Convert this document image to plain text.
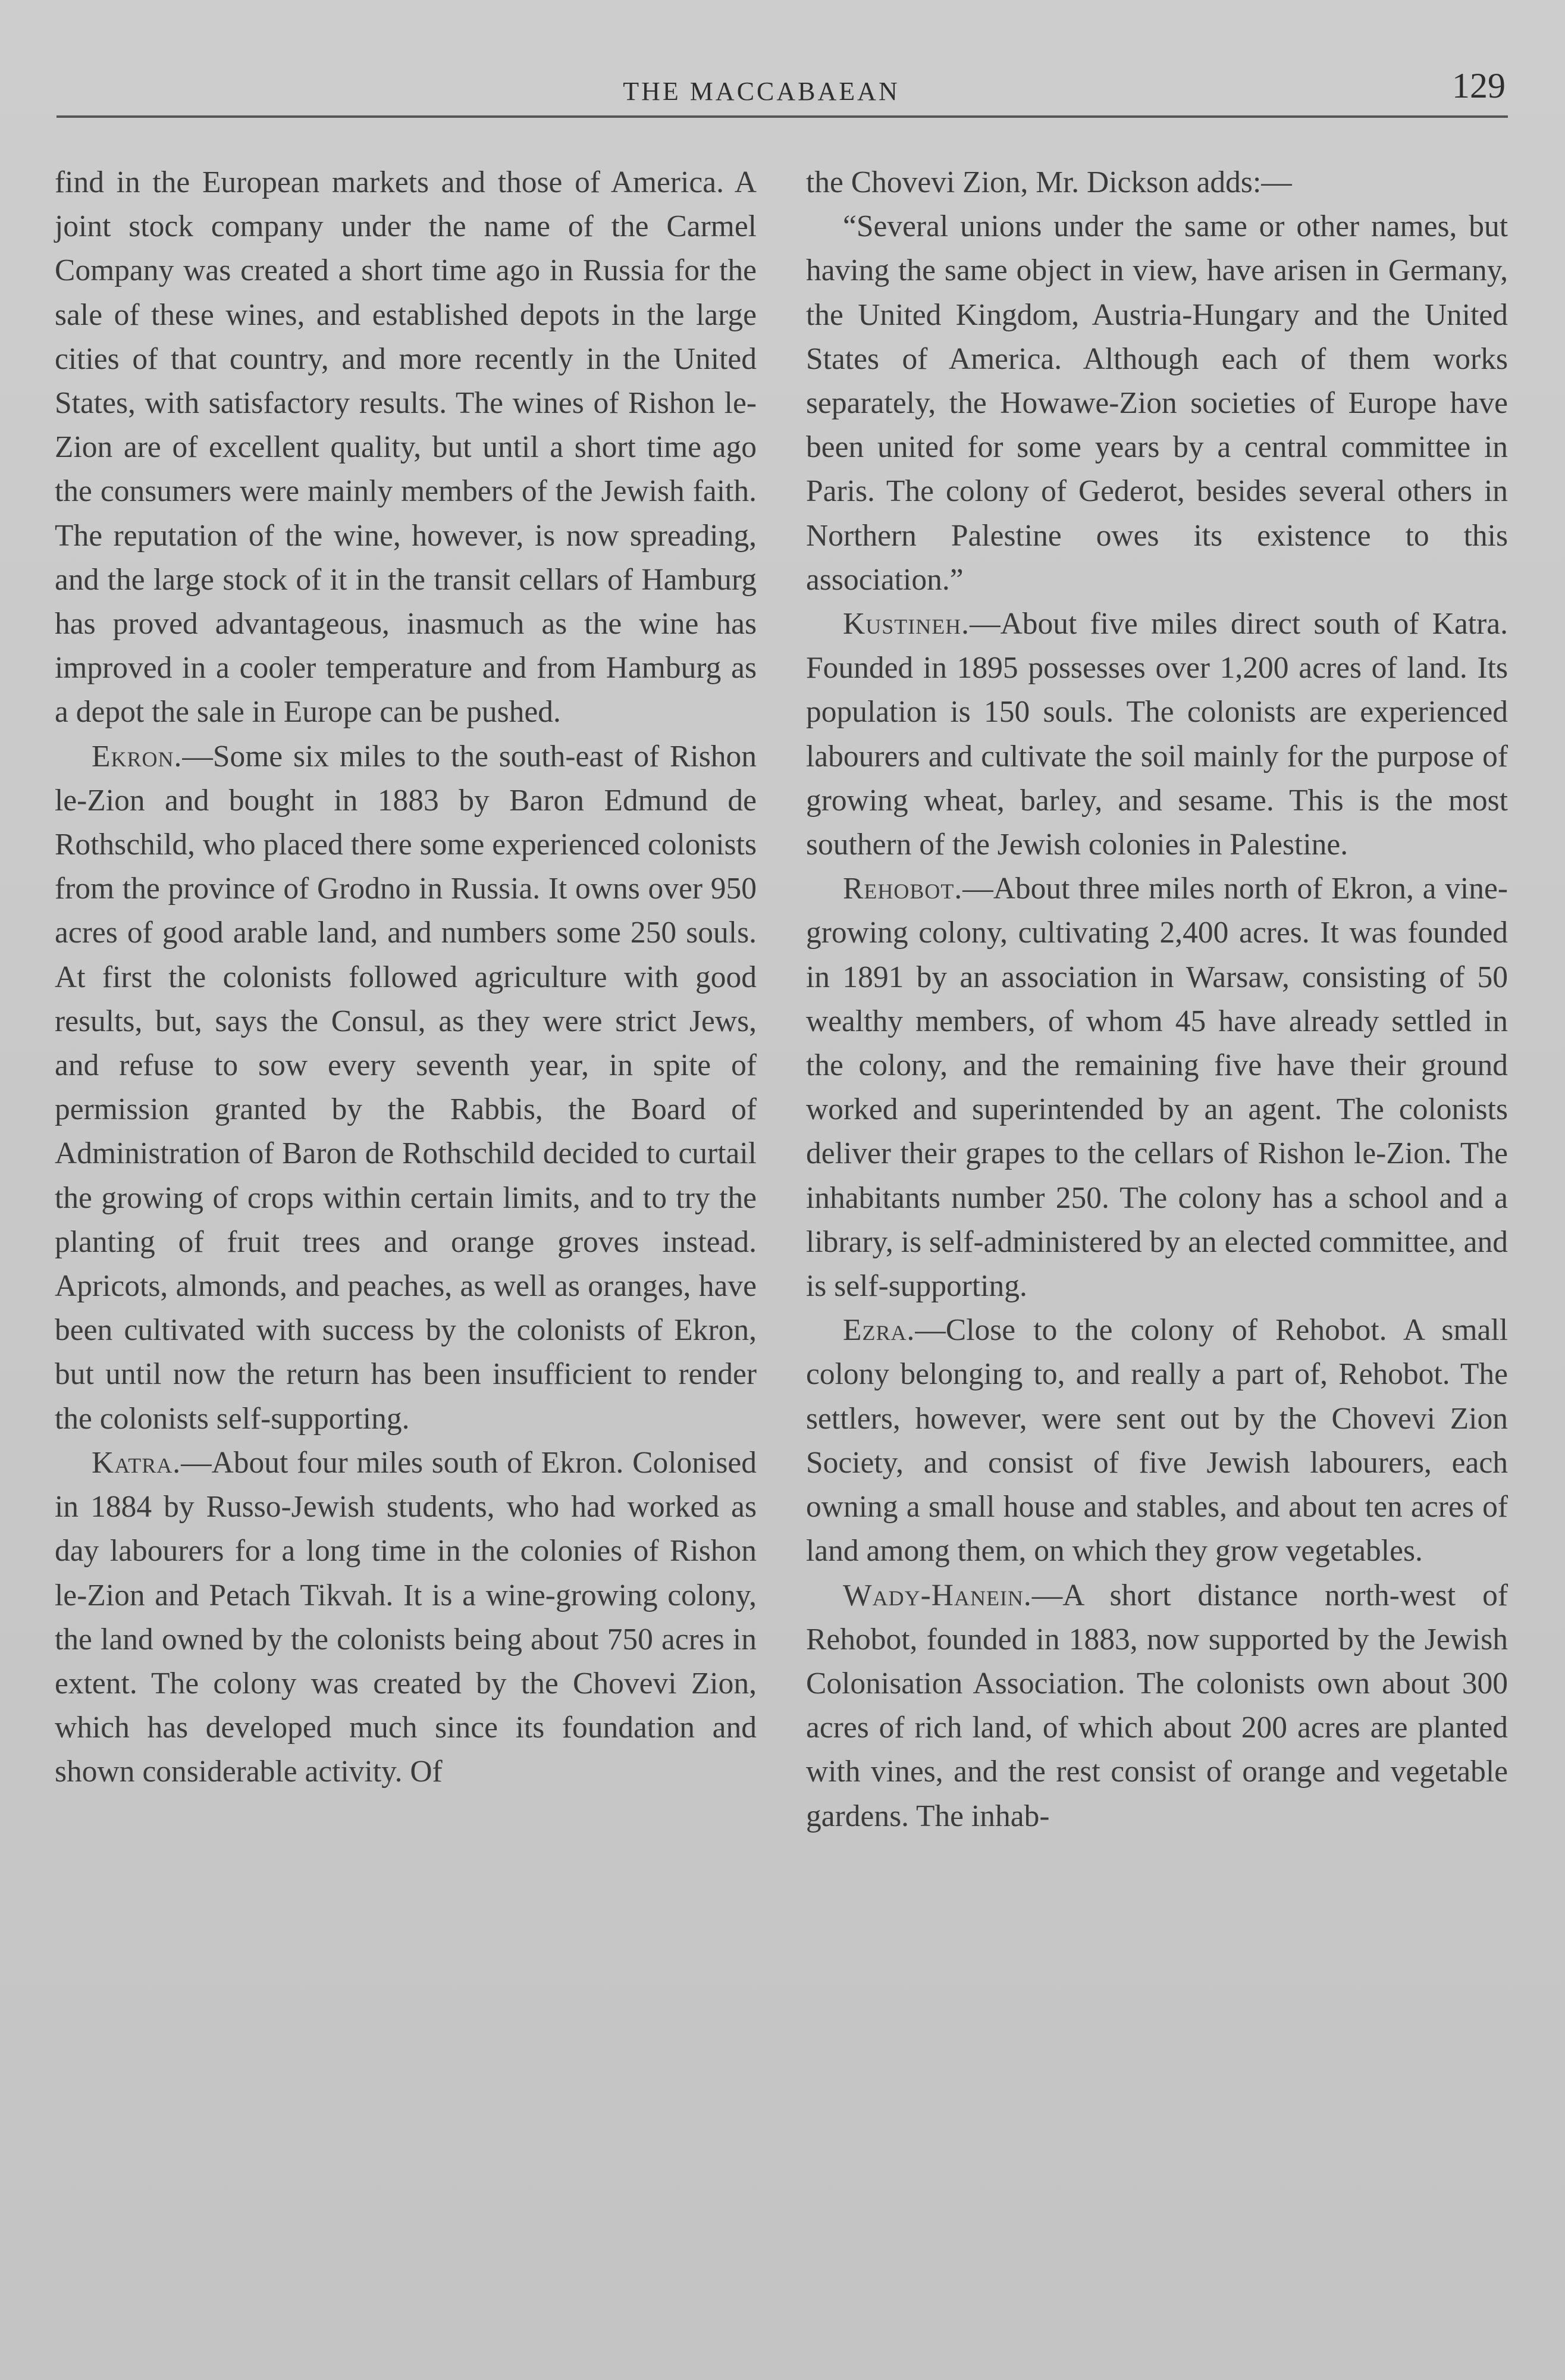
THE MACCABAEAN	129

find in the European markets and those of America. A joint stock company under the name of the Carmel Company was created a short time ago in Russia for the sale of these wines, and established depots in the large cities of that country, and more recently in the United States, with satisfactory results. The wines of Rishon le-Zion are of excellent quality, but until a short time ago the consumers were mainly members of the Jewish faith. The reputation of the wine, however, is now spreading, and the large stock of it in the transit cellars of Hamburg has proved advantageous, inasmuch as the wine has improved in a cooler temperature and from Hamburg as a depot the sale in Europe can be pushed.

Ekron.—Some six miles to the south-east of Rishon le-Zion and bought in 1883 by Baron Edmund de Rothschild, who placed there some experienced colonists from the province of Grodno in Russia. It owns over 950 acres of good arable land, and numbers some 250 souls. At first the colonists followed agriculture with good results, but, says the Consul, as they were strict Jews, and refuse to sow every seventh year, in spite of permission granted by the Rabbis, the Board of Administration of Baron de Rothschild decided to curtail the growing of crops within certain limits, and to try the planting of fruit trees and orange groves instead. Apricots, almonds, and peaches, as well as oranges, have been cultivated with success by the colonists of Ekron, but until now the return has been insufficient to render the colonists self-supporting.

Katra.—About four miles south of Ekron. Colonised in 1884 by Russo-Jewish students, who had worked as day labourers for a long time in the colonies of Rishon le-Zion and Petach Tikvah. It is a wine-growing colony, the land owned by the colonists being about 750 acres in extent. The colony was created by the Chovevi Zion, which has developed much since its foundation and shown considerable activity. Of

the Chovevi Zion, Mr. Dickson adds:—

“Several unions under the same or other names, but having the same object in view, have arisen in Germany, the United Kingdom, Austria-Hungary and the United States of America. Although each of them works separately, the Howawe-Zion societies of Europe have been united for some years by a central committee in Paris. The colony of Gederot, besides several others in Northern Palestine owes its existence to this association.”

Kustineh.—About five miles direct south of Katra. Founded in 1895 possesses over 1,200 acres of land. Its population is 150 souls. The colonists are experienced labourers and cultivate the soil mainly for the purpose of growing wheat, barley, and sesame. This is the most southern of the Jewish colonies in Palestine.

Rehobot.—About three miles north of Ekron, a vine-growing colony, cultivating 2,400 acres. It was founded in 1891 by an association in Warsaw, consisting of 50 wealthy members, of whom 45 have already settled in the colony, and the remaining five have their ground worked and superintended by an agent. The colonists deliver their grapes to the cellars of Rishon le-Zion. The inhabitants number 250. The colony has a school and a library, is self-administered by an elected committee, and is self-supporting.

Ezra.—Close to the colony of Rehobot. A small colony belonging to, and really a part of, Rehobot. The settlers, however, were sent out by the Chovevi Zion Society, and consist of five Jewish labourers, each owning a small house and stables, and about ten acres of land among them, on which they grow vegetables.

Wady-Hanein.—A short distance north-west of Rehobot, founded in 1883, now supported by the Jewish Colonisation Association. The colonists own about 300 acres of rich land, of which about 200 acres are planted with vines, and the rest consist of orange and vegetable gardens. The inhab-
